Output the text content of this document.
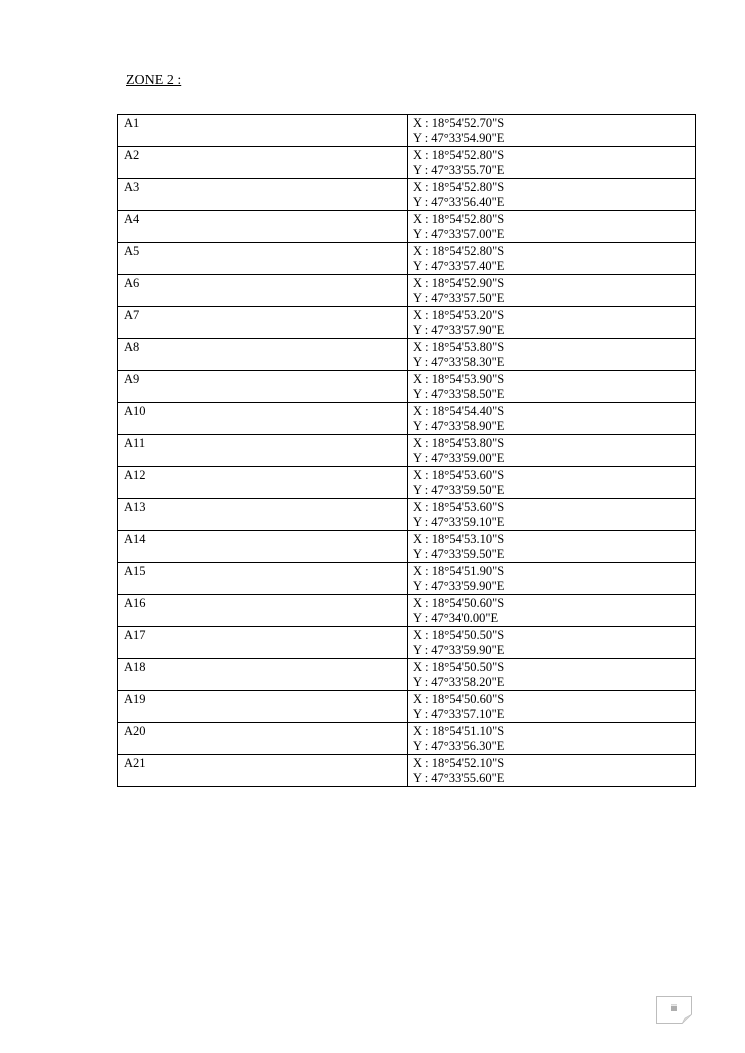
ZONE 2 :
A1	X : 18°54'52.70"S
Y : 47°33'54.90"E

A2	X : 18°54'52.80"S
Y : 47°33'55.70"E

A3	X : 18°54'52.80"S
Y : 47°33'56.40"E

A4	X : 18°54'52.80"S
Y : 47°33'57.00"E

A5	X : 18°54'52.80"S
Y : 47°33'57.40"E

A6	X : 18°54'52.90"S
Y : 47°33'57.50"E

A7	X : 18°54'53.20"S
Y : 47°33'57.90"E

A8	X : 18°54'53.80"S
Y : 47°33'58.30"E

A9	X : 18°54'53.90"S
Y : 47°33'58.50"E

A10	X : 18°54'54.40"S
Y : 47°33'58.90"E

A11	X : 18°54'53.80"S
Y : 47°33'59.00"E

A12	X : 18°54'53.60"S
Y : 47°33'59.50"E

A13	X : 18°54'53.60"S
Y : 47°33'59.10"E

A14	X : 18°54'53.10"S
Y : 47°33'59.50"E

A15	X : 18°54'51.90"S
Y : 47°33'59.90"E

A16	X : 18°54'50.60"S
Y : 47°34'0.00"E

A17	X : 18°54'50.50"S
Y : 47°33'59.90"E

A18	X : 18°54'50.50"S
Y : 47°33'58.20"E

A19	X : 18°54'50.60"S
Y : 47°33'57.10"E

A20	X : 18°54'51.10"S
Y : 47°33'56.30"E

A21	X : 18°54'52.10"S
Y : 47°33'55.60"E
iii
